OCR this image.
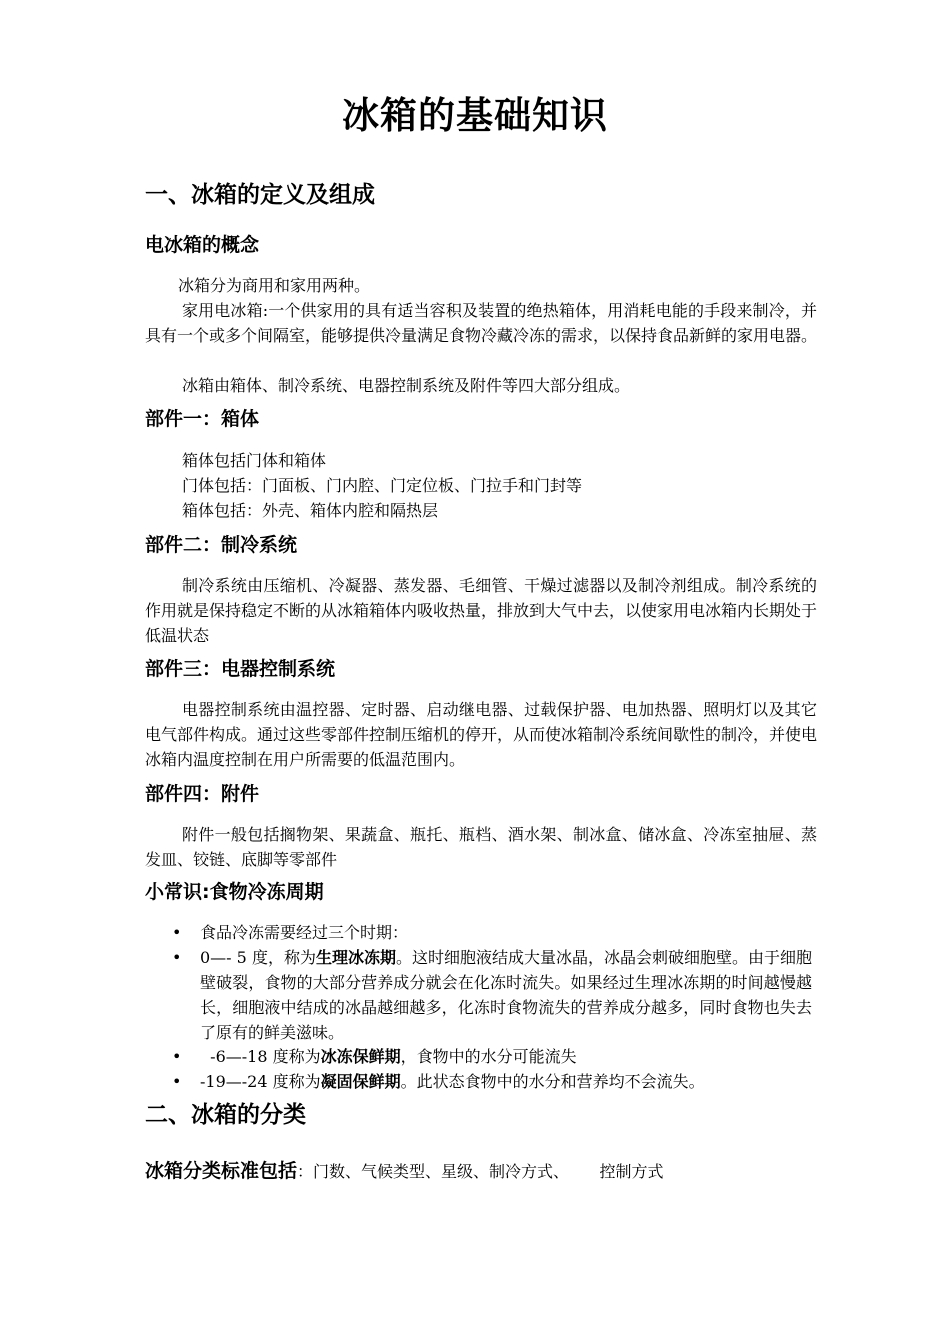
冰箱的基础知识
一、冰箱的定义及组成
电冰箱的概念
冰箱分为商用和家用两种。
家用电冰箱:一个供家用的具有适当容积及装置的绝热箱体，用消耗电能的手段来制冷，并具有一个或多个间隔室，能够提供冷量满足食物冷藏冷冻的需求，以保持食品新鲜的家用电器。
冰箱由箱体、制冷系统、电器控制系统及附件等四大部分组成。
部件一：箱体
箱体包括门体和箱体
门体包括：门面板、门内腔、门定位板、门拉手和门封等
箱体包括：外壳、箱体内腔和隔热层
部件二：制冷系统
制冷系统由压缩机、冷凝器、蒸发器、毛细管、干燥过滤器以及制冷剂组成。制冷系统的作用就是保持稳定不断的从冰箱箱体内吸收热量，排放到大气中去，以使家用电冰箱内长期处于低温状态
部件三：电器控制系统
电器控制系统由温控器、定时器、启动继电器、过载保护器、电加热器、照明灯以及其它电气部件构成。通过这些零部件控制压缩机的停开，从而使冰箱制冷系统间歇性的制冷，并使电冰箱内温度控制在用户所需要的低温范围内。
部件四：附件
附件一般包括搁物架、果蔬盒、瓶托、瓶档、酒水架、制冰盒、储冰盒、冷冻室抽屉、蒸发皿、铰链、底脚等零部件
小常识:食物冷冻周期
• 食品冷冻需要经过三个时期：
• 0—- 5 度，称为生理冰冻期。这时细胞液结成大量冰晶，冰晶会刺破细胞壁。由于细胞壁破裂，食物的大部分营养成分就会在化冻时流失。如果经过生理冰冻期的时间越慢越长，细胞液中结成的冰晶越细越多，化冻时食物流失的营养成分越多，同时食物也失去了原有的鲜美滋味。
• -6—-18 度称为冰冻保鲜期，食物中的水分可能流失
• -19—-24 度称为凝固保鲜期。此状态食物中的水分和营养均不会流失。
二、冰箱的分类
冰箱分类标准包括：门数、气候类型、星级、制冷方式、      控制方式
